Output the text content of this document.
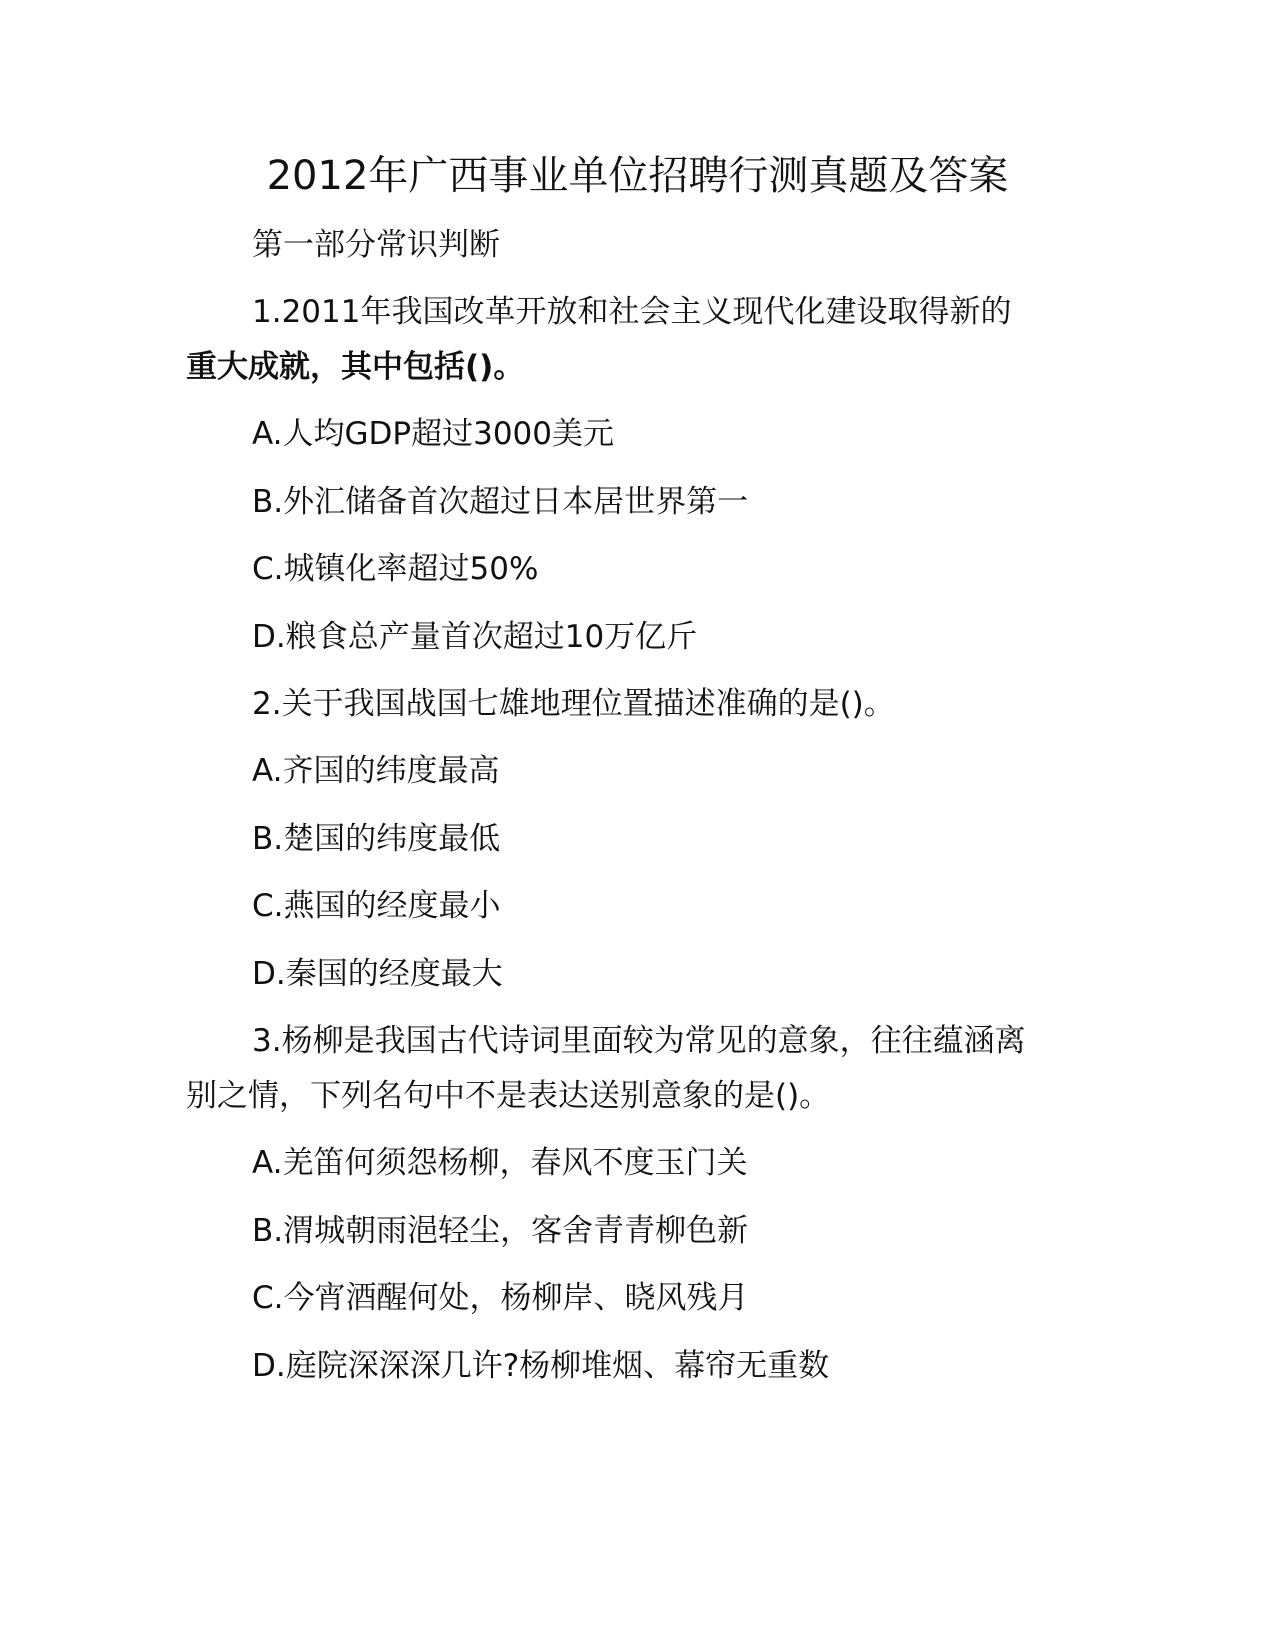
2012年广西事业单位招聘行测真题及答案
第一部分常识判断
1.2011年我国改革开放和社会主义现代化建设取得新的
重大成就，其中包括()。
A.人均GDP超过3000美元
B.外汇储备首次超过日本居世界第一
C.城镇化率超过50%
D.粮食总产量首次超过10万亿斤
2.关于我国战国七雄地理位置描述准确的是()。
A.齐国的纬度最高
B.楚国的纬度最低
C.燕国的经度最小
D.秦国的经度最大
3.杨柳是我国古代诗词里面较为常见的意象，往往蕴涵离
别之情，下列名句中不是表达送别意象的是()。
A.羌笛何须怨杨柳，春风不度玉门关
B.渭城朝雨浥轻尘，客舍青青柳色新
C.今宵酒醒何处，杨柳岸、晓风残月
D.庭院深深深几许?杨柳堆烟、幕帘无重数
